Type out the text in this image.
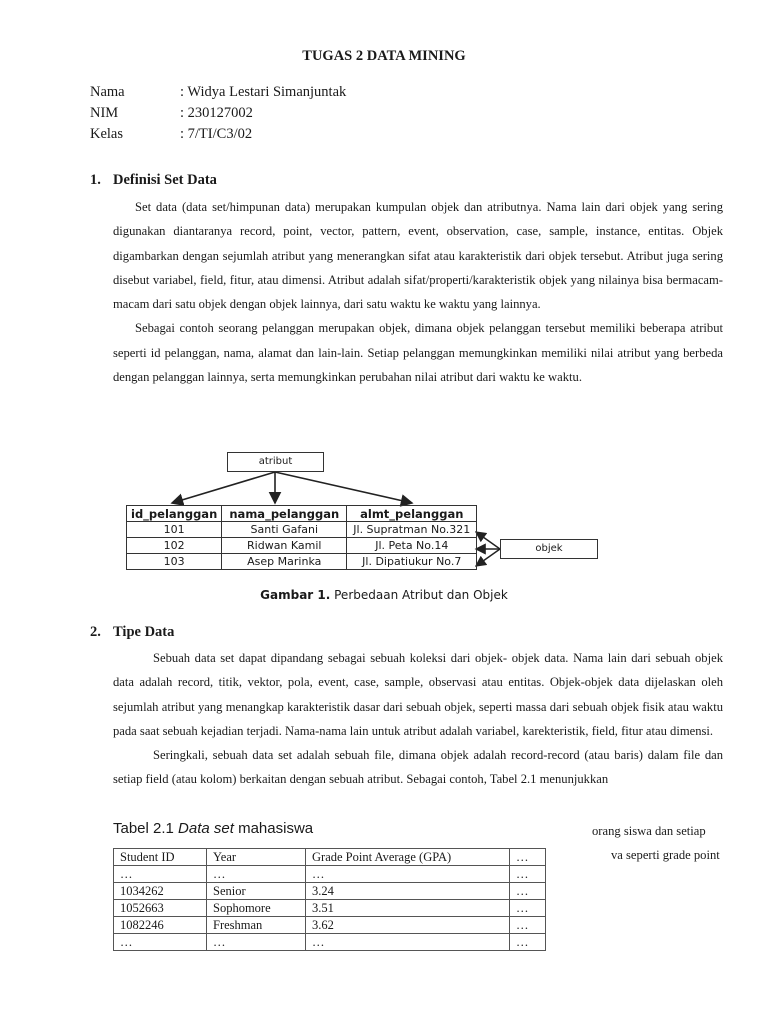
TUGAS 2 DATA MINING
Nama	: Widya Lestari Simanjuntak
NIM	: 230127002
Kelas	: 7/TI/C3/02
1. Definisi Set Data

Set data (data set/himpunan data) merupakan kumpulan objek dan atributnya. Nama lain dari objek yang sering digunakan diantaranya record, point, vector, pattern, event, observation, case, sample, instance, entitas. Objek digambarkan dengan sejumlah atribut yang menerangkan sifat atau karakteristik dari objek tersebut. Atribut juga sering disebut variabel, field, fitur, atau dimensi. Atribut adalah sifat/properti/karakteristik objek yang nilainya bisa bermacam-macam dari satu objek dengan objek lainnya, dari satu waktu ke waktu yang lainnya.

Sebagai contoh seorang pelanggan merupakan objek, dimana objek pelanggan tersebut memiliki beberapa atribut seperti id pelanggan, nama, alamat dan lain-lain. Setiap pelanggan memungkinkan memiliki nilai atribut yang berbeda dengan pelanggan lainnya, serta memungkinkan perubahan nilai atribut dari waktu ke waktu.

atribut
objek
id_pelanggan	nama_pelanggan	almt_pelanggan
101	Santi Gafani	Jl. Supratman No.321
102	Ridwan Kamil	Jl. Peta No.14
103	Asep Marinka	Jl. Dipatiukur No.7
Gambar 1. Perbedaan Atribut dan Objek
2. Tipe Data

Sebuah data set dapat dipandang sebagai sebuah koleksi dari objek- objek data. Nama lain dari sebuah objek data adalah record, titik, vektor, pola, event, case, sample, observasi atau entitas. Objek-objek data dijelaskan oleh sejumlah atribut yang menangkap karakteristik dasar dari sebuah objek, seperti massa dari sebuah objek fisik atau waktu pada saat sebuah kejadian terjadi. Nama-nama lain untuk atribut adalah variabel, karekteristik, field, fitur atau dimensi.

Seringkali, sebuah data set adalah sebuah file, dimana objek adalah record-record (atau baris) dalam file dan setiap field (atau kolom) berkaitan dengan sebuah atribut. Sebagai contoh, Tabel 2.1 menunjukkan

orang siswa dan setiap
va seperti grade point
Tabel 2.1 Data set mahasiswa
Student ID	Year	Grade Point Average (GPA)	…
…	…	…	…
1034262	Senior	3.24	…
1052663	Sophomore	3.51	…
1082246	Freshman	3.62	…
…	…	…	…
